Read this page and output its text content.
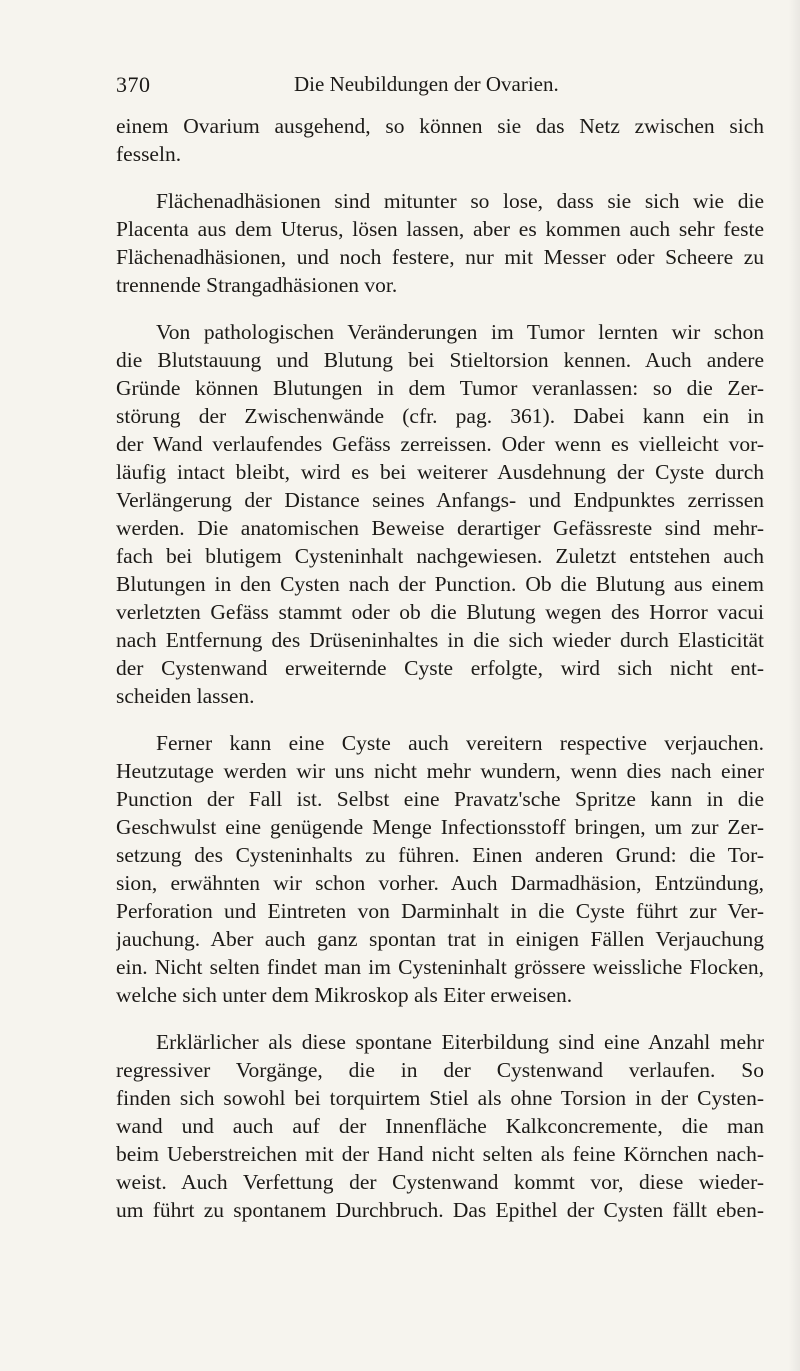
370	Die Neubildungen der Ovarien.
einem Ovarium ausgehend, so können sie das Netz zwischen sich
fesseln.
Flächenadhäsionen sind mitunter so lose, dass sie sich wie die
Placenta aus dem Uterus, lösen lassen, aber es kommen auch sehr feste
Flächenadhäsionen, und noch festere, nur mit Messer oder Scheere zu
trennende Strangadhäsionen vor.
Von pathologischen Veränderungen im Tumor lernten wir schon
die Blutstauung und Blutung bei Stieltorsion kennen. Auch andere
Gründe können Blutungen in dem Tumor veranlassen: so die Zer-
störung der Zwischenwände (cfr. pag. 361). Dabei kann ein in
der Wand verlaufendes Gefäss zerreissen. Oder wenn es vielleicht vor-
läufig intact bleibt, wird es bei weiterer Ausdehnung der Cyste durch
Verlängerung der Distance seines Anfangs- und Endpunktes zerrissen
werden. Die anatomischen Beweise derartiger Gefässreste sind mehr-
fach bei blutigem Cysteninhalt nachgewiesen. Zuletzt entstehen auch
Blutungen in den Cysten nach der Punction. Ob die Blutung aus einem
verletzten Gefäss stammt oder ob die Blutung wegen des Horror vacui
nach Entfernung des Drüseninhaltes in die sich wieder durch Elasticität
der Cystenwand erweiternde Cyste erfolgte, wird sich nicht ent-
scheiden lassen.
Ferner kann eine Cyste auch vereitern respective verjauchen.
Heutzutage werden wir uns nicht mehr wundern, wenn dies nach einer
Punction der Fall ist. Selbst eine Pravatz'sche Spritze kann in die
Geschwulst eine genügende Menge Infectionsstoff bringen, um zur Zer-
setzung des Cysteninhalts zu führen. Einen anderen Grund: die Tor-
sion, erwähnten wir schon vorher. Auch Darmadhäsion, Entzündung,
Perforation und Eintreten von Darminhalt in die Cyste führt zur Ver-
jauchung. Aber auch ganz spontan trat in einigen Fällen Verjauchung
ein. Nicht selten findet man im Cysteninhalt grössere weissliche Flocken,
welche sich unter dem Mikroskop als Eiter erweisen.
Erklärlicher als diese spontane Eiterbildung sind eine Anzahl mehr
regressiver Vorgänge, die in der Cystenwand verlaufen. So
finden sich sowohl bei torquirtem Stiel als ohne Torsion in der Cysten-
wand und auch auf der Innenfläche Kalkconcremente, die man
beim Ueberstreichen mit der Hand nicht selten als feine Körnchen nach-
weist. Auch Verfettung der Cystenwand kommt vor, diese wieder-
um führt zu spontanem Durchbruch. Das Epithel der Cysten fällt eben-
